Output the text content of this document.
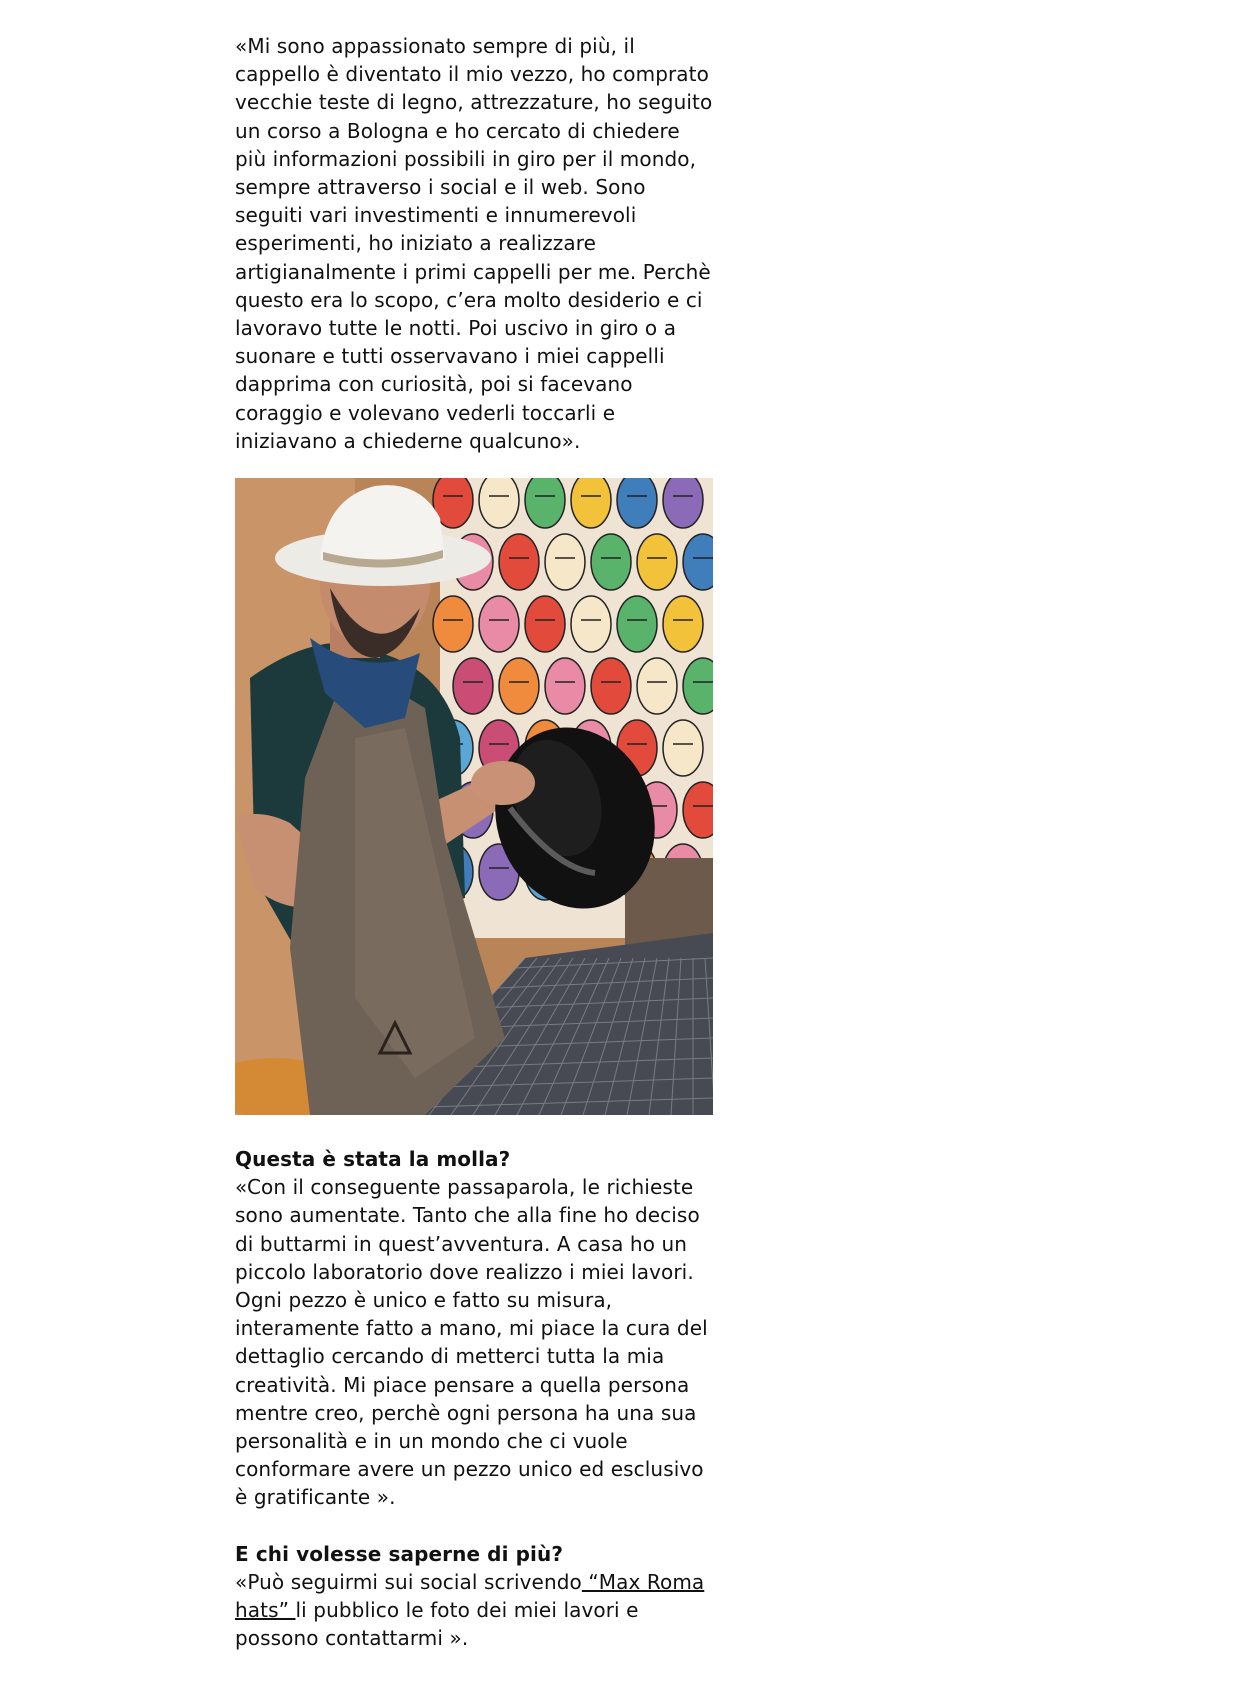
«Mi sono appassionato sempre di più, il cappello è diventato il mio vezzo, ho comprato vecchie teste di legno, attrezzature, ho seguito un corso a Bologna e ho cercato di chiedere più informazioni possibili in giro per il mondo, sempre attraverso i social e il web. Sono seguiti vari investimenti e innumerevoli esperimenti, ho iniziato a realizzare artigianalmente i primi cappelli per me. Perchè questo era lo scopo, c’era molto desiderio e ci lavoravo tutte le notti. Poi uscivo in giro o a suonare e tutti osservavano i miei cappelli dapprima con curiosità, poi si facevano coraggio e volevano vederli toccarli e iniziavano a chiederne qualcuno».

Questa è stata la molla?

«Con il conseguente passaparola, le richieste sono aumentate. Tanto che alla fine ho deciso di buttarmi in quest’avventura. A casa ho un piccolo laboratorio dove realizzo i miei lavori. Ogni pezzo è unico e fatto su misura, interamente fatto a mano, mi piace la cura del dettaglio cercando di metterci tutta la mia creatività. Mi piace pensare a quella persona mentre creo, perchè ogni persona ha una sua personalità e in un mondo che ci vuole conformare avere un pezzo unico ed esclusivo è gratificante ».

E chi volesse saperne di più?

«Può seguirmi sui social scrivendo “Max Roma hats” li pubblico le foto dei miei lavori e possono contattarmi ».
